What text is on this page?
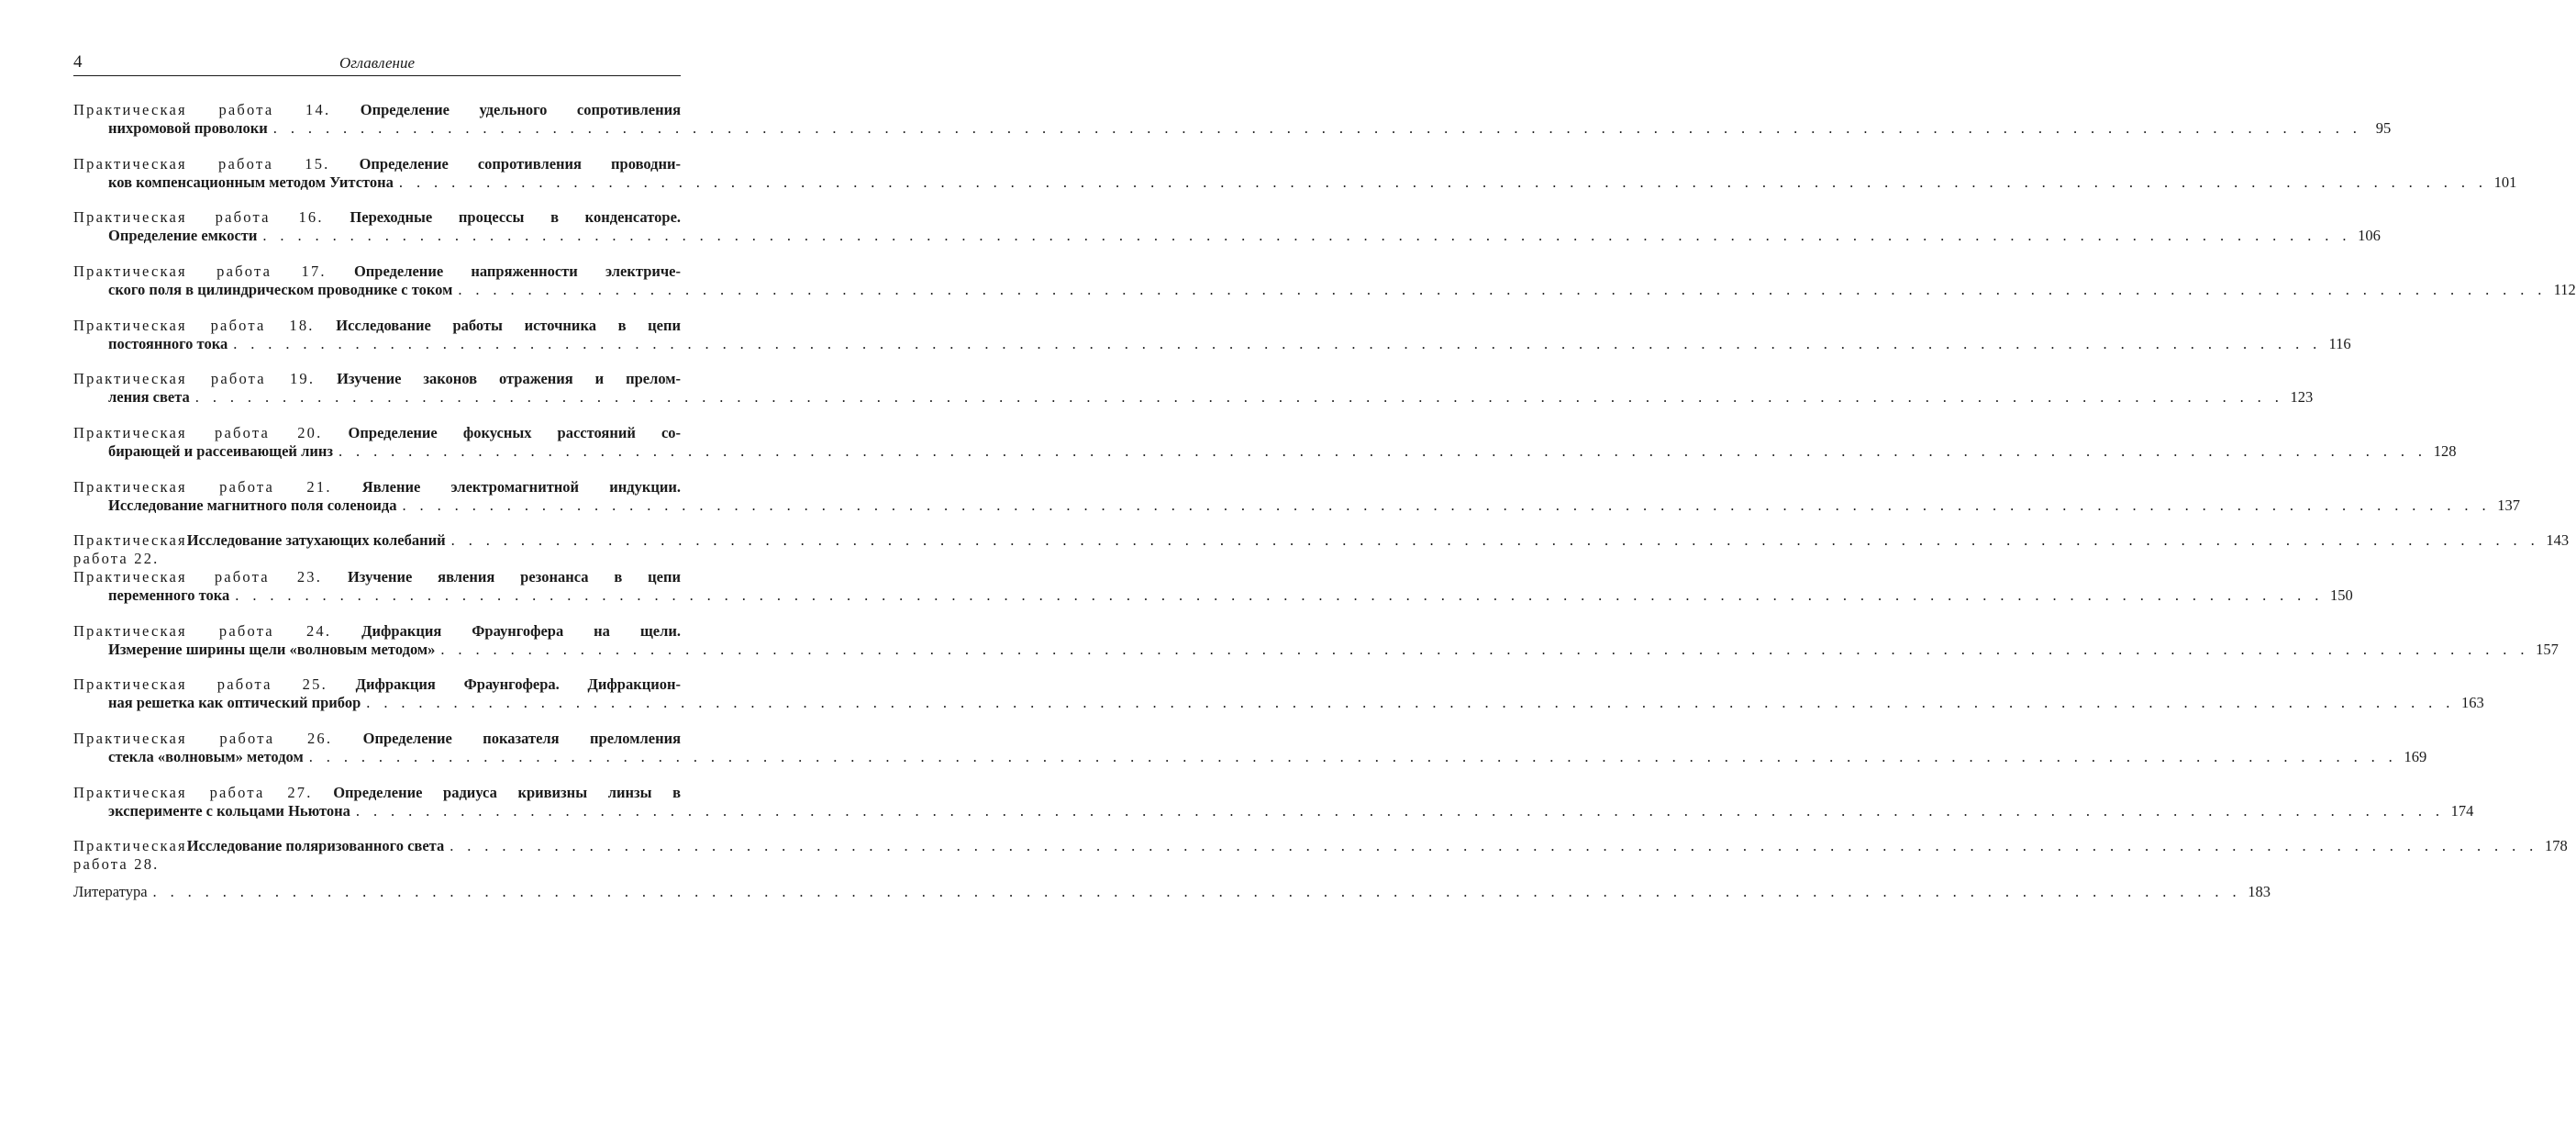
4	Оглавление
Практическая работа 14. Определение удельного сопротивления
нихромовой проволоки . . . . . . . . . . . . . . . . . . . . . . . . . . . . . . . . . . . . . . . . . . . . . . . . . . . . . . . . . . . . . . . . . . . . . . . . . . . . . . . . . . . . . . . . . . . . . . . . . . . . . . . . . . . . . . . . . . . . . . . . 95
Практическая работа 15. Определение сопротивления проводни-
ков компенсационным методом Уитстона . . . . . . . . . . . . . . . . . . . . . . . . . . . . . . . . . . . . . . . . . . . . . . . . . . . . . . . . . . . . . . . . . . . . . . . . . . . . . . . . . . . . . . . . . . . . . . . . . . . . . . . . . . . . . . . . . . . . . . . . 101
Практическая работа 16. Переходные процессы в конденсаторе.
Определение емкости . . . . . . . . . . . . . . . . . . . . . . . . . . . . . . . . . . . . . . . . . . . . . . . . . . . . . . . . . . . . . . . . . . . . . . . . . . . . . . . . . . . . . . . . . . . . . . . . . . . . . . . . . . . . . . . . . . . . . . . . 106
Практическая работа 17. Определение напряженности электриче-
ского поля в цилиндрическом проводнике с током . . . . . . . . . . . . . . . . . . . . . . . . . . . . . . . . . . . . . . . . . . . . . . . . . . . . . . . . . . . . . . . . . . . . . . . . . . . . . . . . . . . . . . . . . . . . . . . . . . . . . . . . . . . . . . . . . . . . . . . . 112
Практическая работа 18. Исследование работы источника в цепи
постоянного тока . . . . . . . . . . . . . . . . . . . . . . . . . . . . . . . . . . . . . . . . . . . . . . . . . . . . . . . . . . . . . . . . . . . . . . . . . . . . . . . . . . . . . . . . . . . . . . . . . . . . . . . . . . . . . . . . . . . . . . . . 116
Практическая работа 19. Изучение законов отражения и прелом-
ления света . . . . . . . . . . . . . . . . . . . . . . . . . . . . . . . . . . . . . . . . . . . . . . . . . . . . . . . . . . . . . . . . . . . . . . . . . . . . . . . . . . . . . . . . . . . . . . . . . . . . . . . . . . . . . . . . . . . . . . . . 123
Практическая работа 20. Определение фокусных расстояний со-
бирающей и рассеивающей линз . . . . . . . . . . . . . . . . . . . . . . . . . . . . . . . . . . . . . . . . . . . . . . . . . . . . . . . . . . . . . . . . . . . . . . . . . . . . . . . . . . . . . . . . . . . . . . . . . . . . . . . . . . . . . . . . . . . . . . . . 128
Практическая работа 21. Явление электромагнитной индукции.
Исследование магнитного поля соленоида . . . . . . . . . . . . . . . . . . . . . . . . . . . . . . . . . . . . . . . . . . . . . . . . . . . . . . . . . . . . . . . . . . . . . . . . . . . . . . . . . . . . . . . . . . . . . . . . . . . . . . . . . . . . . . . . . . . . . . . . 137
Практическая работа 22.
Исследование затухающих колебаний . . . . . . . . . . . . . . . . . . . . . . . . . . . . . . . . . . . . . . . . . . . . . . . . . . . . . . . . . . . . . . . . . . . . . . . . . . . . . . . . . . . . . . . . . . . . . . . . . . . . . . . . . . . . . . . . . . . . . . . . 143
Практическая работа 23. Изучение явления резонанса в цепи
переменного тока . . . . . . . . . . . . . . . . . . . . . . . . . . . . . . . . . . . . . . . . . . . . . . . . . . . . . . . . . . . . . . . . . . . . . . . . . . . . . . . . . . . . . . . . . . . . . . . . . . . . . . . . . . . . . . . . . . . . . . . . 150
Практическая работа 24. Дифракция Фраунгофера на щели.
Измерение ширины щели «волновым методом» . . . . . . . . . . . . . . . . . . . . . . . . . . . . . . . . . . . . . . . . . . . . . . . . . . . . . . . . . . . . . . . . . . . . . . . . . . . . . . . . . . . . . . . . . . . . . . . . . . . . . . . . . . . . . . . . . . . . . . . . 157
Практическая работа 25. Дифракция Фраунгофера. Дифракцион-
ная решетка как оптический прибор . . . . . . . . . . . . . . . . . . . . . . . . . . . . . . . . . . . . . . . . . . . . . . . . . . . . . . . . . . . . . . . . . . . . . . . . . . . . . . . . . . . . . . . . . . . . . . . . . . . . . . . . . . . . . . . . . . . . . . . . 163
Практическая работа 26. Определение показателя преломления
стекла «волновым» методом . . . . . . . . . . . . . . . . . . . . . . . . . . . . . . . . . . . . . . . . . . . . . . . . . . . . . . . . . . . . . . . . . . . . . . . . . . . . . . . . . . . . . . . . . . . . . . . . . . . . . . . . . . . . . . . . . . . . . . . . 169
Практическая работа 27. Определение радиуса кривизны линзы в
эксперименте с кольцами Ньютона . . . . . . . . . . . . . . . . . . . . . . . . . . . . . . . . . . . . . . . . . . . . . . . . . . . . . . . . . . . . . . . . . . . . . . . . . . . . . . . . . . . . . . . . . . . . . . . . . . . . . . . . . . . . . . . . . . . . . . . . 174
Практическая работа 28.
Исследование поляризованного света . . . . . . . . . . . . . . . . . . . . . . . . . . . . . . . . . . . . . . . . . . . . . . . . . . . . . . . . . . . . . . . . . . . . . . . . . . . . . . . . . . . . . . . . . . . . . . . . . . . . . . . . . . . . . . . . . . . . . . . . 178
Литература . . . . . . . . . . . . . . . . . . . . . . . . . . . . . . . . . . . . . . . . . . . . . . . . . . . . . . . . . . . . . . . . . . . . . . . . . . . . . . . . . . . . . . . . . . . . . . . . . . . . . . . . . . . . . . . . . . . . . . . . 183
